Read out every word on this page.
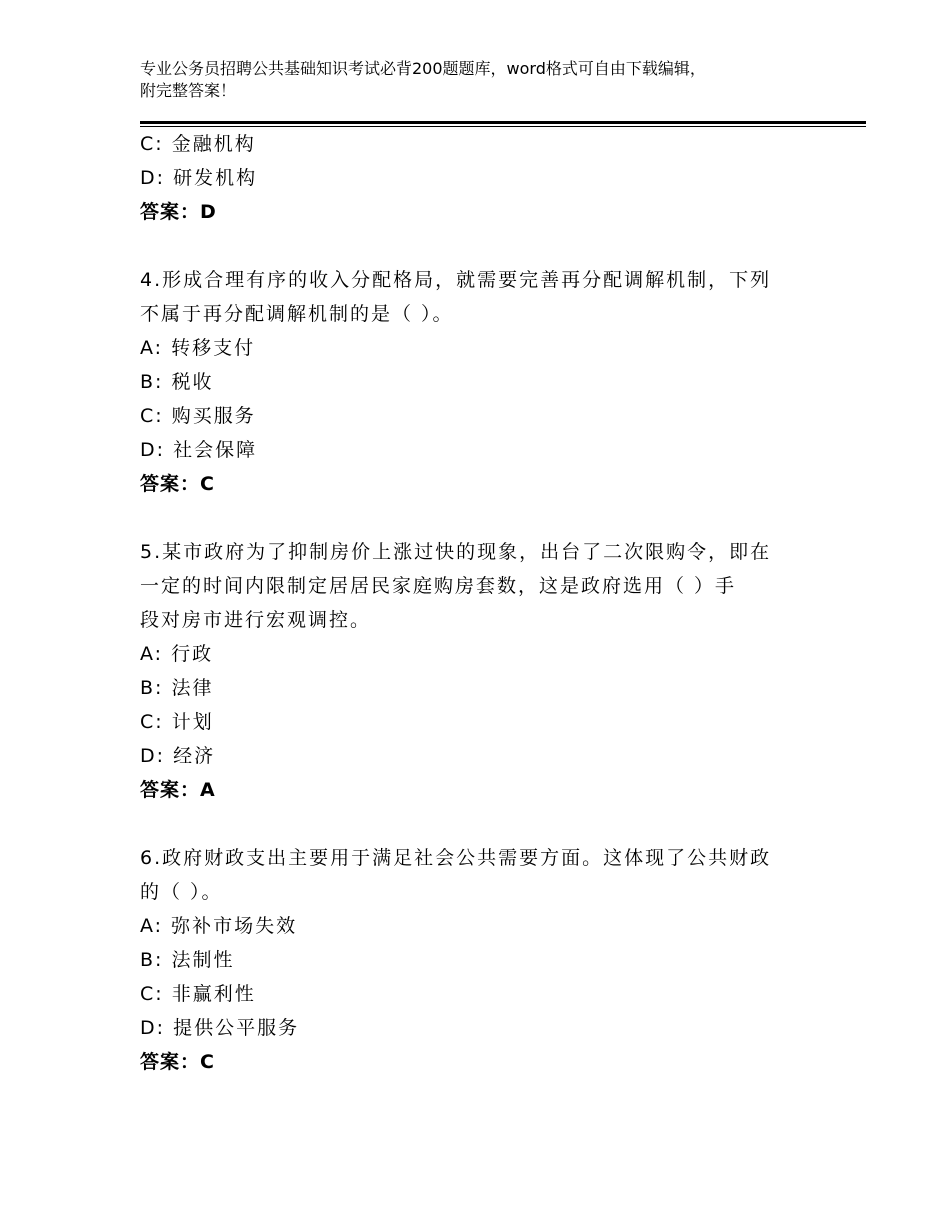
专业公务员招聘公共基础知识考试必背200题题库，word格式可自由下载编辑，
附完整答案！
C: 金融机构
D: 研发机构
答案：D
4.形成合理有序的收入分配格局，就需要完善再分配调解机制，下列
不属于再分配调解机制的是（ ）。
A: 转移支付
B: 税收
C: 购买服务
D: 社会保障
答案：C
5.某市政府为了抑制房价上涨过快的现象，出台了二次限购令，即在
一定的时间内限制定居居民家庭购房套数，这是政府选用（ ）手
段对房市进行宏观调控。
A: 行政
B: 法律
C: 计划
D: 经济
答案：A
6.政府财政支出主要用于满足社会公共需要方面。这体现了公共财政
的（ ）。
A: 弥补市场失效
B: 法制性
C: 非赢利性
D: 提供公平服务
答案：C
